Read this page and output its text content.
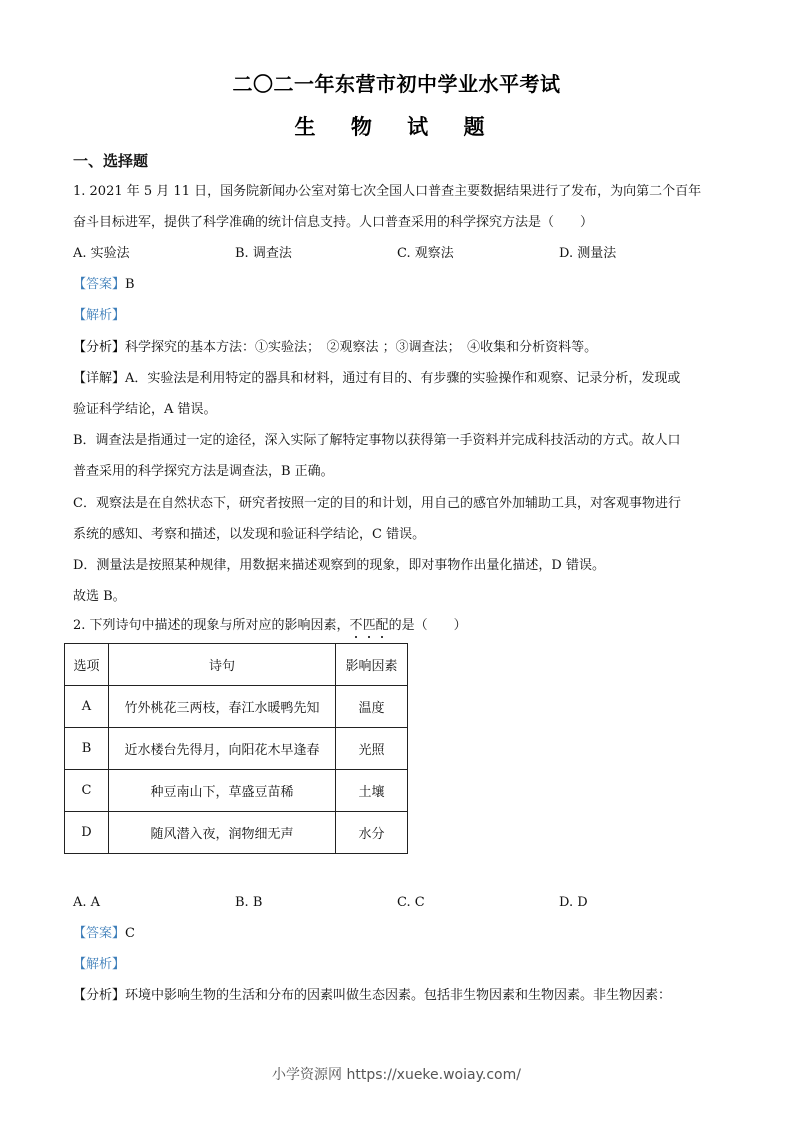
二〇二一年东营市初中学业水平考试
生 物 试 题
一、选择题
1. 2021 年 5 月 11 日，国务院新闻办公室对第七次全国人口普查主要数据结果进行了发布，为向第二个百年
奋斗目标进军，提供了科学准确的统计信息支持。人口普查采用的科学探究方法是（　　）
A. 实验法	B. 调查法	C. 观察法	D. 测量法
【答案】B
【解析】
【分析】科学探究的基本方法：①实验法；　②观察法 ；③调查法；　④收集和分析资料等。
【详解】A．实验法是利用特定的器具和材料，通过有目的、有步骤的实验操作和观察、记录分析，发现或
验证科学结论，A 错误。
B．调查法是指通过一定的途径，深入实际了解特定事物以获得第一手资料并完成科技活动的方式。故人口
普查采用的科学探究方法是调查法，B 正确。
C．观察法是在自然状态下，研究者按照一定的目的和计划，用自己的感官外加辅助工具，对客观事物进行
系统的感知、考察和描述，以发现和验证科学结论，C 错误。
D．测量法是按照某种规律，用数据来描述观察到的现象，即对事物作出量化描述，D 错误。
故选 B。
2. 下列诗句中描述的现象与所对应的影响因素，不匹配的是（　　）
选项	诗句	影响因素
A	竹外桃花三两枝，春江水暖鸭先知	温度
B	近水楼台先得月，向阳花木早逢春	光照
C	种豆南山下，草盛豆苗稀	土壤
D	随风潜入夜，润物细无声	水分
A. A	B. B	C. C	D. D
【答案】C
【解析】
【分析】环境中影响生物的生活和分布的因素叫做生态因素。包括非生物因素和生物因素。非生物因素：
小学资源网 https://xueke.woiay.com/
